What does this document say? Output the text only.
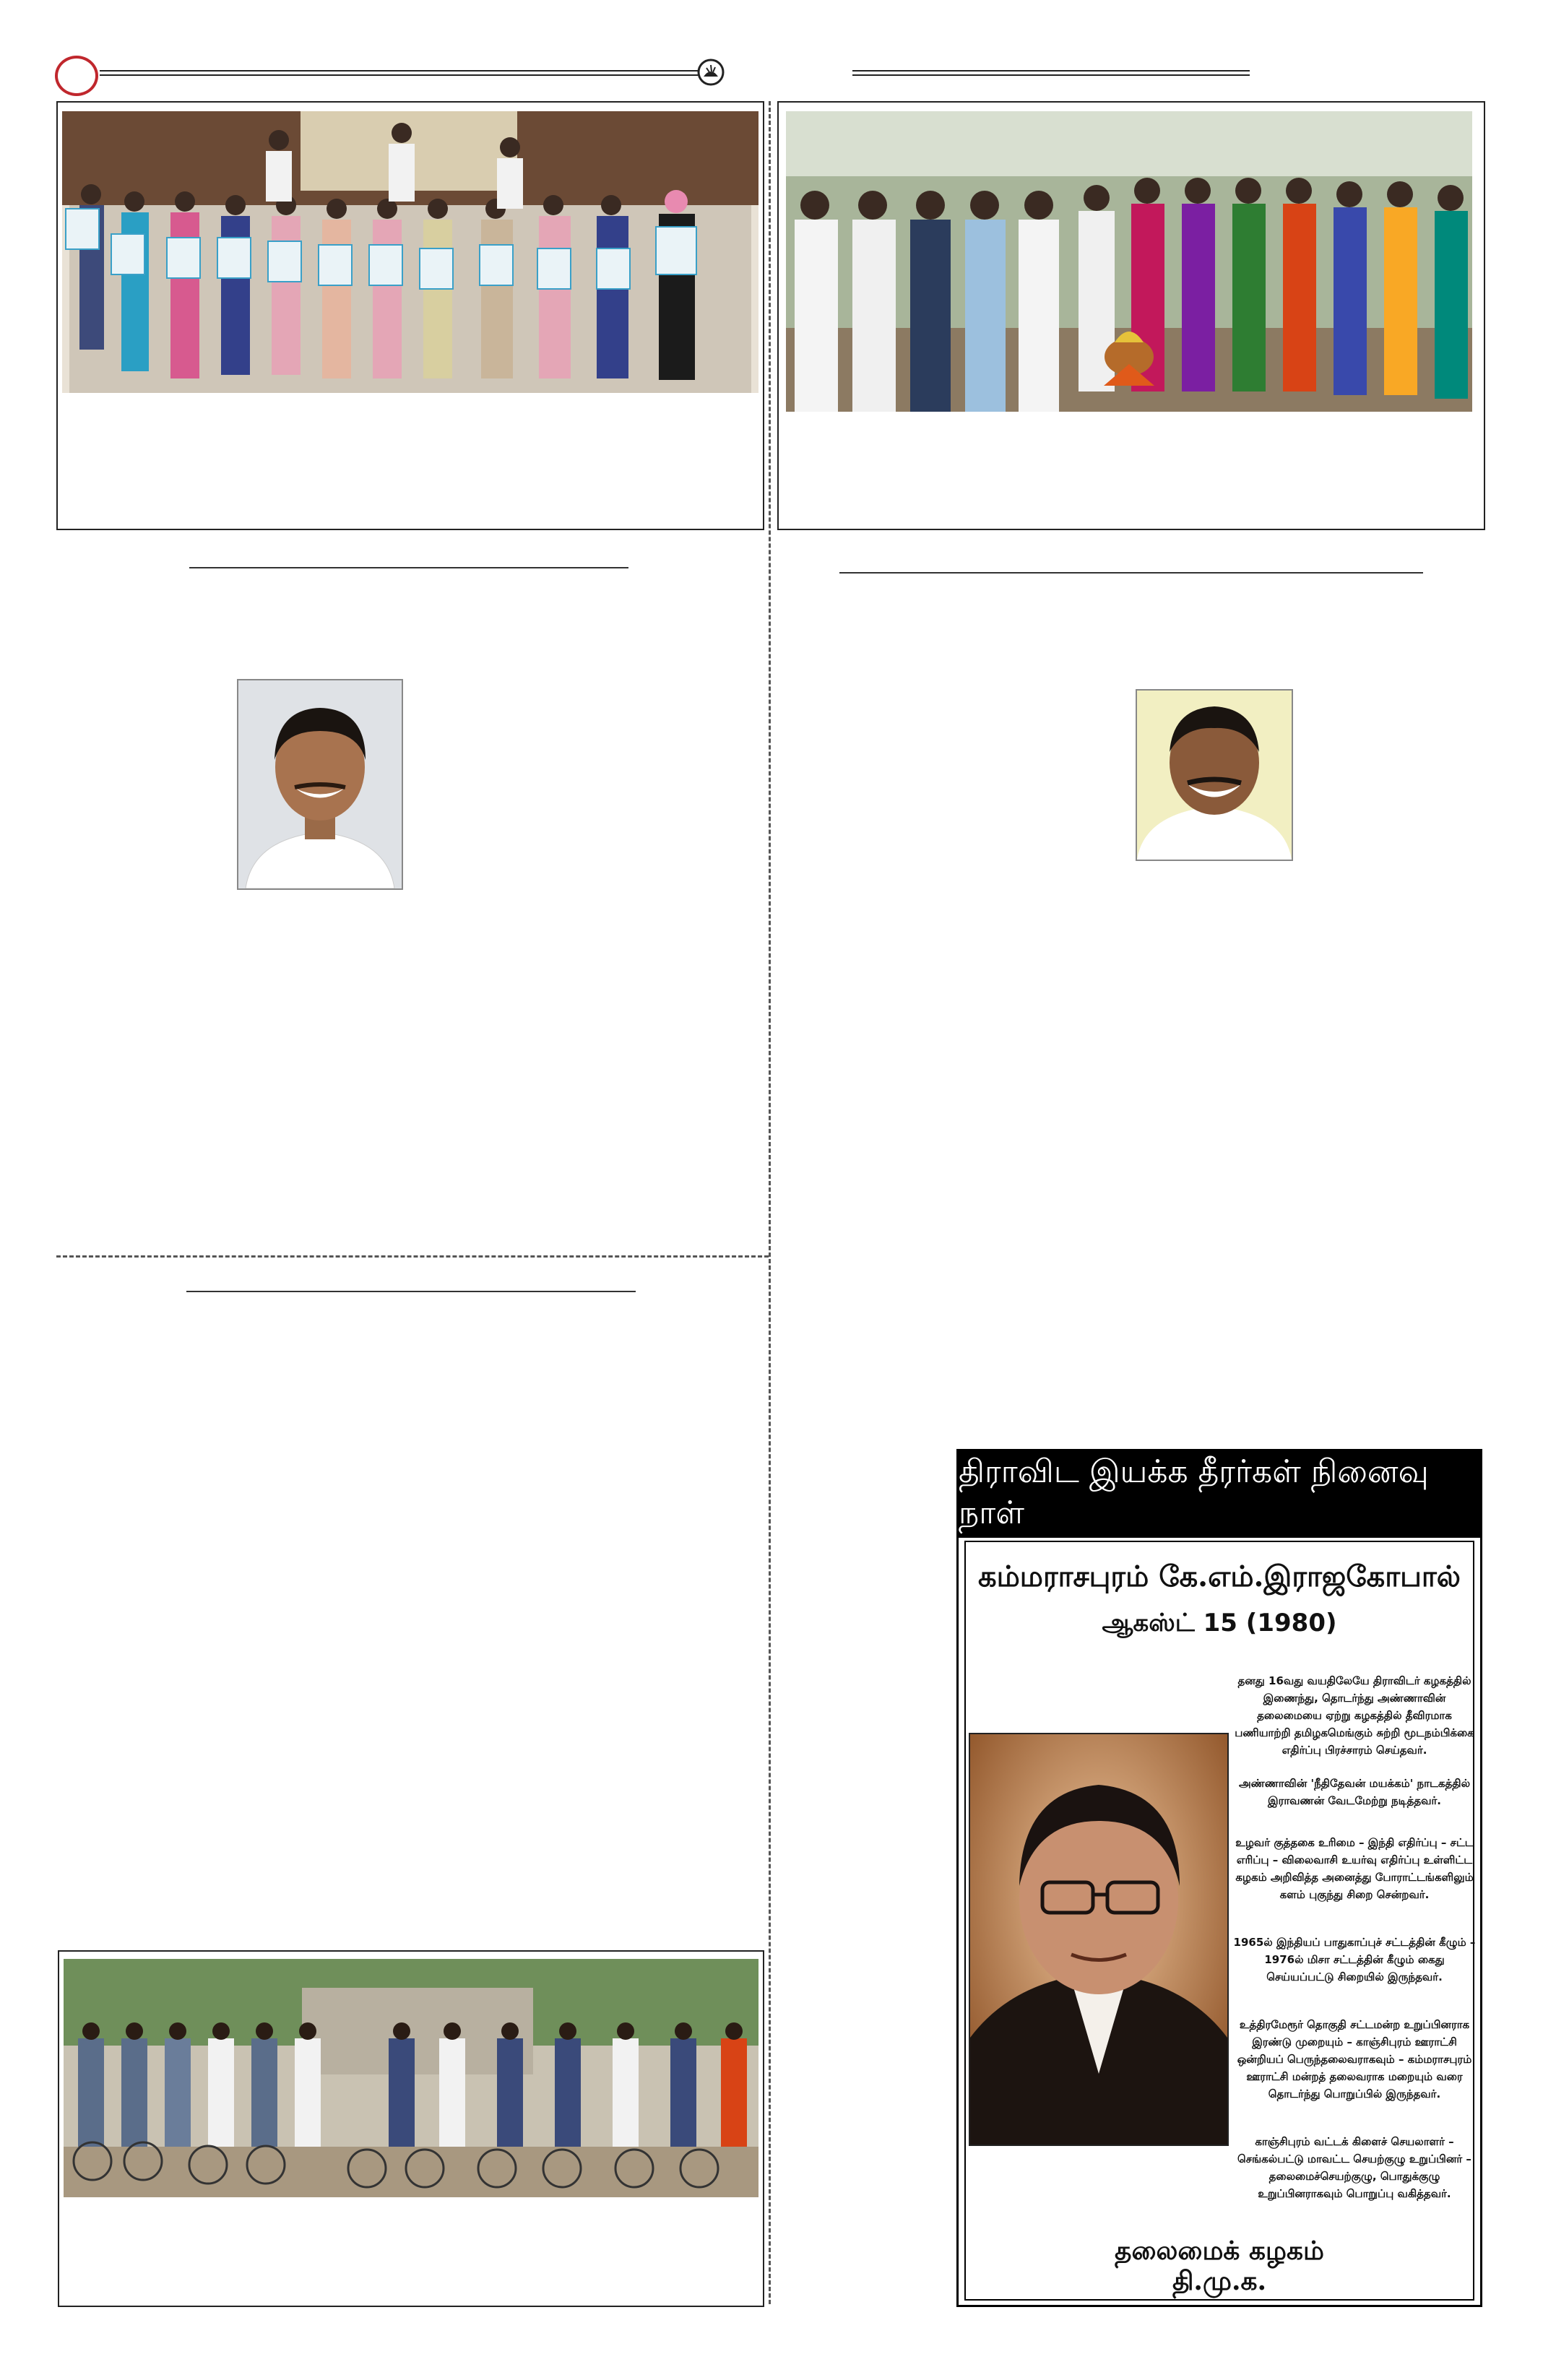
திராவிட இயக்க தீரர்கள் நினைவு நாள்
கம்மராசபுரம் கே.எம்.இராஜகோபால்
ஆகஸ்ட் 15 (1980)
தனது 16வது வயதிலேயே திராவிடர் கழகத்தில் இணைந்து, தொடர்ந்து அண்ணாவின் தலைமையை ஏற்று கழகத்தில் தீவிரமாக பணியாற்றி தமிழகமெங்கும் சுற்றி மூடநம்பிக்கை எதிர்ப்பு பிரச்சாரம் செய்தவர்.
அண்ணாவின் 'நீதிதேவன் மயக்கம்' நாடகத்தில் இராவணன் வேடமேற்று நடித்தவர்.
உழவர் குத்தகை உரிமை – இந்தி எதிர்ப்பு – சட்ட எரிப்பு – விலைவாசி உயர்வு எதிர்ப்பு உள்ளிட்ட கழகம் அறிவித்த அனைத்து போராட்டங்களிலும் களம் புகுந்து சிறை சென்றவர்.
1965ல் இந்தியப் பாதுகாப்புச் சட்டத்தின் கீழும் – 1976ல் மிசா சட்டத்தின் கீழும் கைது செய்யப்பட்டு சிறையில் இருந்தவர்.
உத்திரமேரூர் தொகுதி சட்டமன்ற உறுப்பினராக இரண்டு முறையும் – காஞ்சிபுரம் ஊராட்சி ஒன்றியப் பெருந்தலைவராகவும் – கம்மராசபுரம் ஊராட்சி மன்றத் தலைவராக மறையும் வரை தொடர்ந்து பொறுப்பில் இருந்தவர்.
காஞ்சிபுரம் வட்டக் கிளைச் செயலாளர் – செங்கல்பட்டு மாவட்ட செயற்குழு உறுப்பினர் – தலைமைச்செயற்குழு, பொதுக்குழு உறுப்பினராகவும் பொறுப்பு வகித்தவர்.
தலைமைக் கழகம்
தி.மு.க.
